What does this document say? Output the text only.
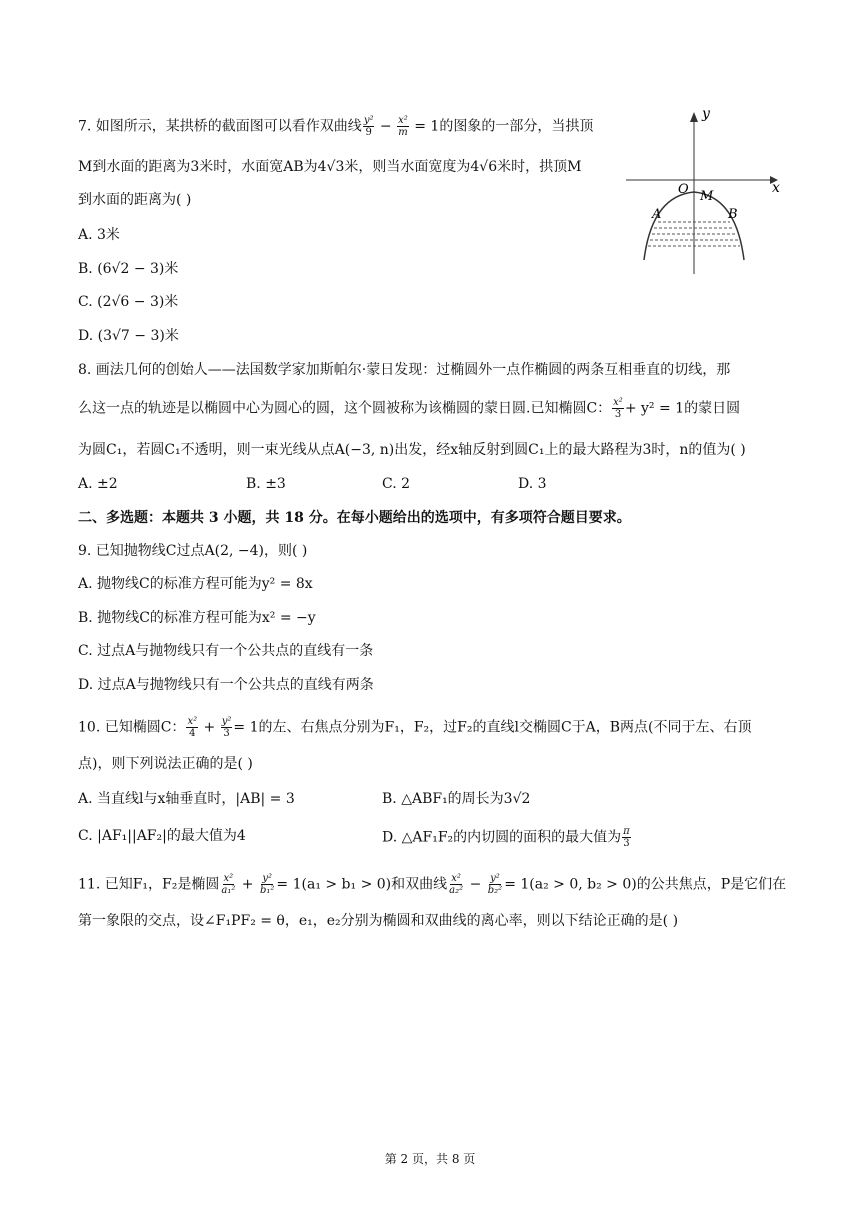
7. 如图所示，某拱桥的截面图可以看作双曲线 $\frac{\text{y²}}{9} - \frac{\text{x²}}{m} = 1$的图象的一部分，当拱顶
M到水面的距离为3米时，水面宽AB为4√3米，则当水面宽度为4√6米时，拱顶M
到水面的距离为( )
A. 3米
B. (6√2 − 3)米
C. (2√6 − 3)米
D. (3√7 − 3)米
y
x
O M
A	B
8. 画法几何的创始人——法国数学家加斯帕尔·蒙日发现：过椭圆外一点作椭圆的两条互相垂直的切线，那
么这一点的轨迹是以椭圆中心为圆心的圆，这个圆被称为该椭圆的蒙日圆.已知椭圆C： $\frac{\text{x²}}{3} + y^2 = 1$的蒙日圆
为圆C₁，若圆C₁不透明，则一束光线从点A(−3, n)出发，经x轴反射到圆C₁上的最大路程为3时，n的值为( )
A. ±2	B. ±3	C. 2	D. 3
二、多选题：本题共 3 小题，共 18 分。在每小题给出的选项中，有多项符合题目要求。
9. 已知抛物线C过点A(2, −4)，则( )
A. 抛物线C的标准方程可能为y² = 8x
B. 抛物线C的标准方程可能为x² = −y
C. 过点A与抛物线只有一个公共点的直线有一条
D. 过点A与抛物线只有一个公共点的直线有两条
10. 已知椭圆C： $\frac{\text{x²}}{4} + \frac{\text{y²}}{3} = 1$的左、右焦点分别为F₁，F₂，过F₂的直线l交椭圆C于A，B两点(不同于左、右顶
点)，则下列说法正确的是( )
A. 当直线l与x轴垂直时，|AB| = 3	B. △ABF₁的周长为3√2
C. |AF₁||AF₂|的最大值为4	D. △AF₁F₂的内切圆的面积的最大值为 $\frac{\pi}{3}$
11. 已知F₁，F₂是椭圆 $\frac{\text{x²}}{\text{a₁²}} + \frac{\text{y²}}{\text{b₁²}} = 1(a_1 > b_1 > 0)$和双曲线 $\frac{\text{x²}}{\text{a₂²}} - \frac{\text{y²}}{\text{b₂²}} = 1(a_2 > 0$, b₂ > 0)的公共焦点，P是它们在
第一象限的交点，设∠F₁PF₂ = θ，e₁，e₂分别为椭圆和双曲线的离心率，则以下结论正确的是( )
第 2 页，共 8 页
